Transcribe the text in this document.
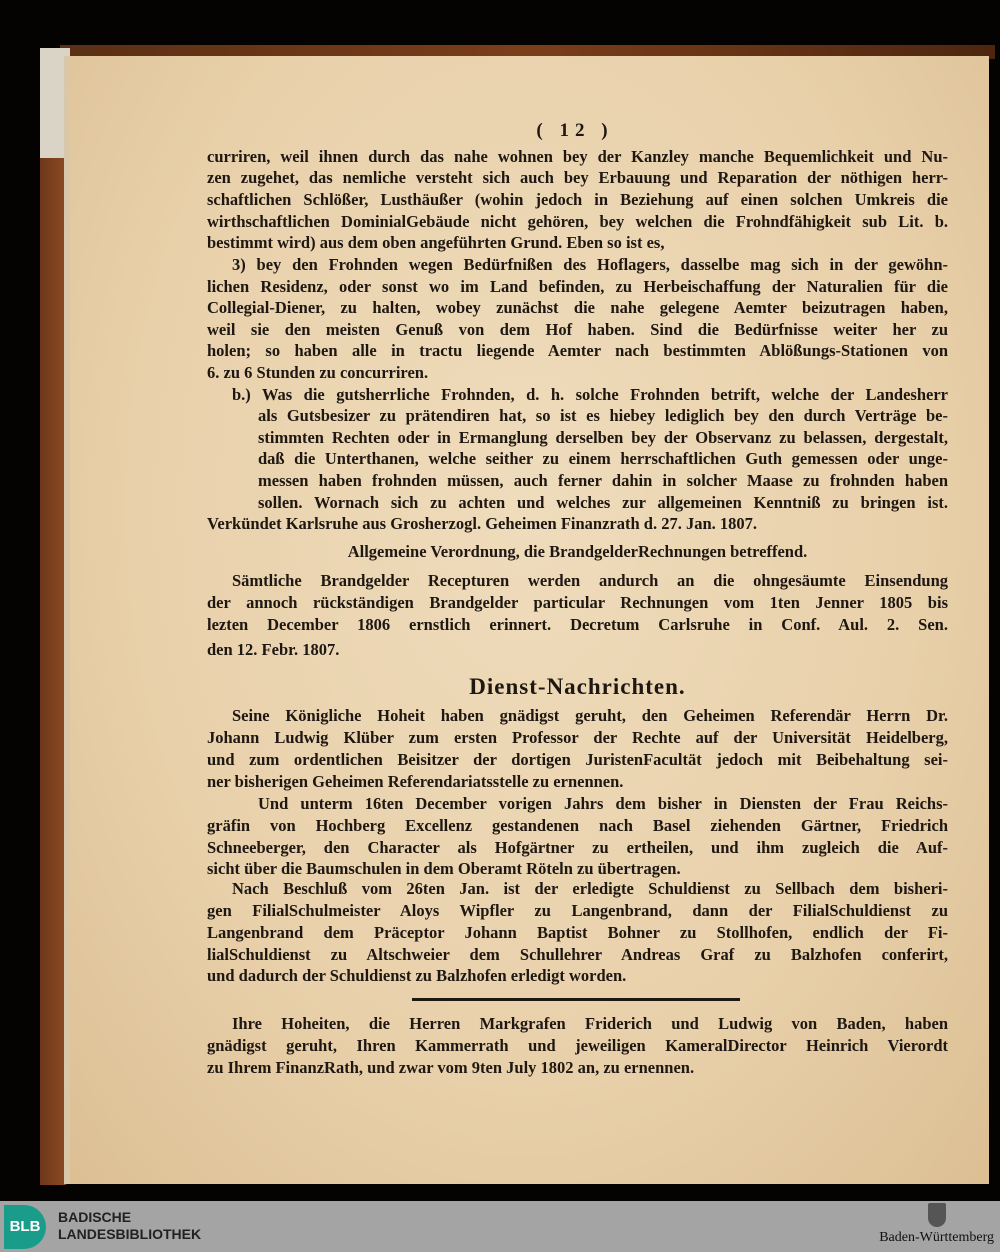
( 12 )
curriren, weil ihnen durch das nahe wohnen bey der Kanzley manche Bequemlichkeit und Nu-
zen zugehet, das nemliche versteht sich auch bey Erbauung und Reparation der nöthigen herr-
schaftlichen Schlößer, Lusthäußer (wohin jedoch in Beziehung auf einen solchen Umkreis die
wirthschaftlichen DominialGebäude nicht gehören, bey welchen die Frohndfähigkeit sub Lit. b.
bestimmt wird) aus dem oben angeführten Grund. Eben so ist es,
3) bey den Frohnden wegen Bedürfnißen des Hoflagers, dasselbe mag sich in der gewöhn-
lichen Residenz, oder sonst wo im Land befinden, zu Herbeischaffung der Naturalien für die
Collegial-Diener, zu halten, wobey zunächst die nahe gelegene Aemter beizutragen haben,
weil sie den meisten Genuß von dem Hof haben. Sind die Bedürfnisse weiter her zu
holen; so haben alle in tractu liegende Aemter nach bestimmten Ablößungs-Stationen von
6. zu 6 Stunden zu concurriren.
b.) Was die gutsherrliche Frohnden, d. h. solche Frohnden betrift, welche der Landesherr
als Gutsbesizer zu prätendiren hat, so ist es hiebey lediglich bey den durch Verträge be-
stimmten Rechten oder in Ermanglung derselben bey der Observanz zu belassen, dergestalt,
daß die Unterthanen, welche seither zu einem herrschaftlichen Guth gemessen oder unge-
messen haben frohnden müssen, auch ferner dahin in solcher Maase zu frohnden haben
sollen. Wornach sich zu achten und welches zur allgemeinen Kenntniß zu bringen ist.
Verkündet Karlsruhe aus Grosherzogl. Geheimen Finanzrath d. 27. Jan. 1807.
Allgemeine Verordnung, die BrandgelderRechnungen betreffend.
Sämtliche Brandgelder Recepturen werden andurch an die ohngesäumte Einsendung
der annoch rückständigen Brandgelder particular Rechnungen vom 1ten Jenner 1805 bis
lezten December 1806 ernstlich erinnert. Decretum Carlsruhe in Conf. Aul. 2. Sen.
den 12. Febr. 1807.
Dienst-Nachrichten.
Seine Königliche Hoheit haben gnädigst geruht, den Geheimen Referendär Herrn Dr.
Johann Ludwig Klüber zum ersten Professor der Rechte auf der Universität Heidelberg,
und zum ordentlichen Beisitzer der dortigen JuristenFacultät jedoch mit Beibehaltung sei-
ner bisherigen Geheimen Referendariatsstelle zu ernennen.
Und unterm 16ten December vorigen Jahrs dem bisher in Diensten der Frau Reichs-
gräfin von Hochberg Excellenz gestandenen nach Basel ziehenden Gärtner, Friedrich
Schneeberger, den Character als Hofgärtner zu ertheilen, und ihm zugleich die Auf-
sicht über die Baumschulen in dem Oberamt Röteln zu übertragen.
Nach Beschluß vom 26ten Jan. ist der erledigte Schuldienst zu Sellbach dem bisheri-
gen FilialSchulmeister Aloys Wipfler zu Langenbrand, dann der FilialSchuldienst zu
Langenbrand dem Präceptor Johann Baptist Bohner zu Stollhofen, endlich der Fi-
lialSchuldienst zu Altschweier dem Schullehrer Andreas Graf zu Balzhofen conferirt,
und dadurch der Schuldienst zu Balzhofen erledigt worden.
Ihre Hoheiten, die Herren Markgrafen Friderich und Ludwig von Baden, haben
gnädigst geruht, Ihren Kammerrath und jeweiligen KameralDirector Heinrich Vierordt
zu Ihrem FinanzRath, und zwar vom 9ten July 1802 an, zu ernennen.
BLB
BADISCHE
LANDESBIBLIOTHEK	Baden-Württemberg
